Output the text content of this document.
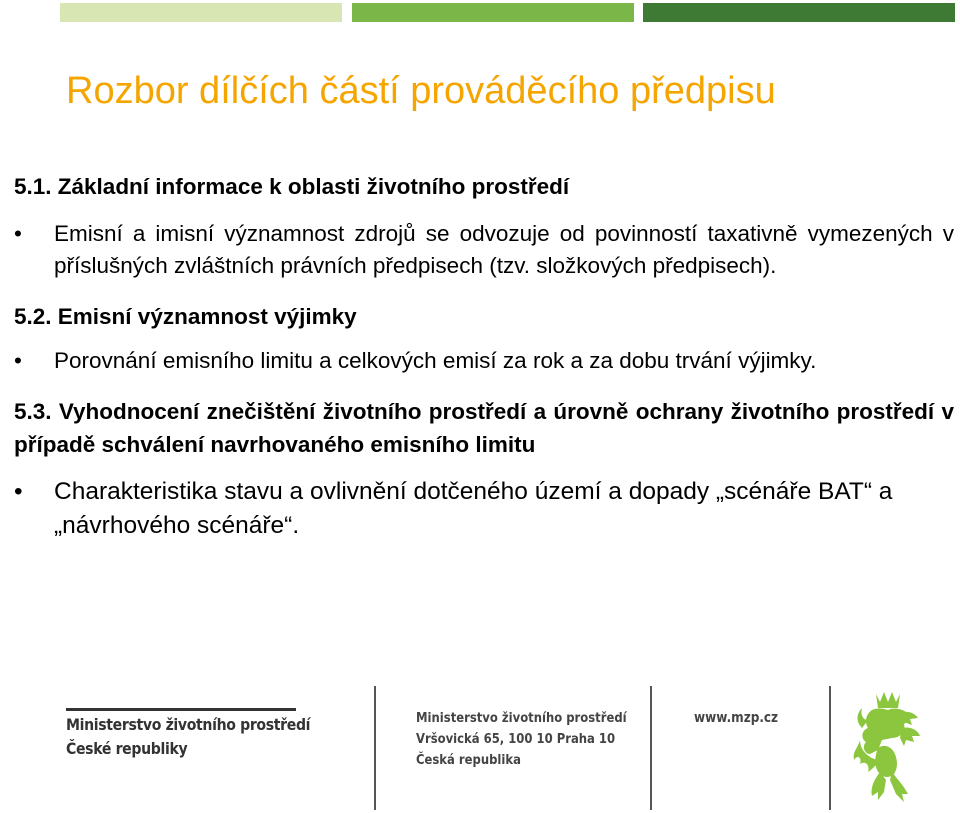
Rozbor dílčích částí prováděcího předpisu
5.1. Základní informace k oblasti životního prostředí
• Emisní a imisní významnost zdrojů se odvozuje od povinností taxativně vymezených v příslušných zvláštních právních předpisech (tzv. složkových předpisech).
5.2. Emisní významnost výjimky
• Porovnání emisního limitu a celkových emisí za rok a za dobu trvání výjimky.
5.3. Vyhodnocení znečištění životního prostředí a úrovně ochrany životního prostředí v případě schválení navrhovaného emisního limitu
• Charakteristika stavu a ovlivnění dotčeného území a dopady „scénáře BAT“ a „návrhového scénáře“.
Ministerstvo životního prostředí
České republiky
Ministerstvo životního prostředí
Vršovická 65, 100 10 Praha 10
Česká republika
www.mzp.cz
